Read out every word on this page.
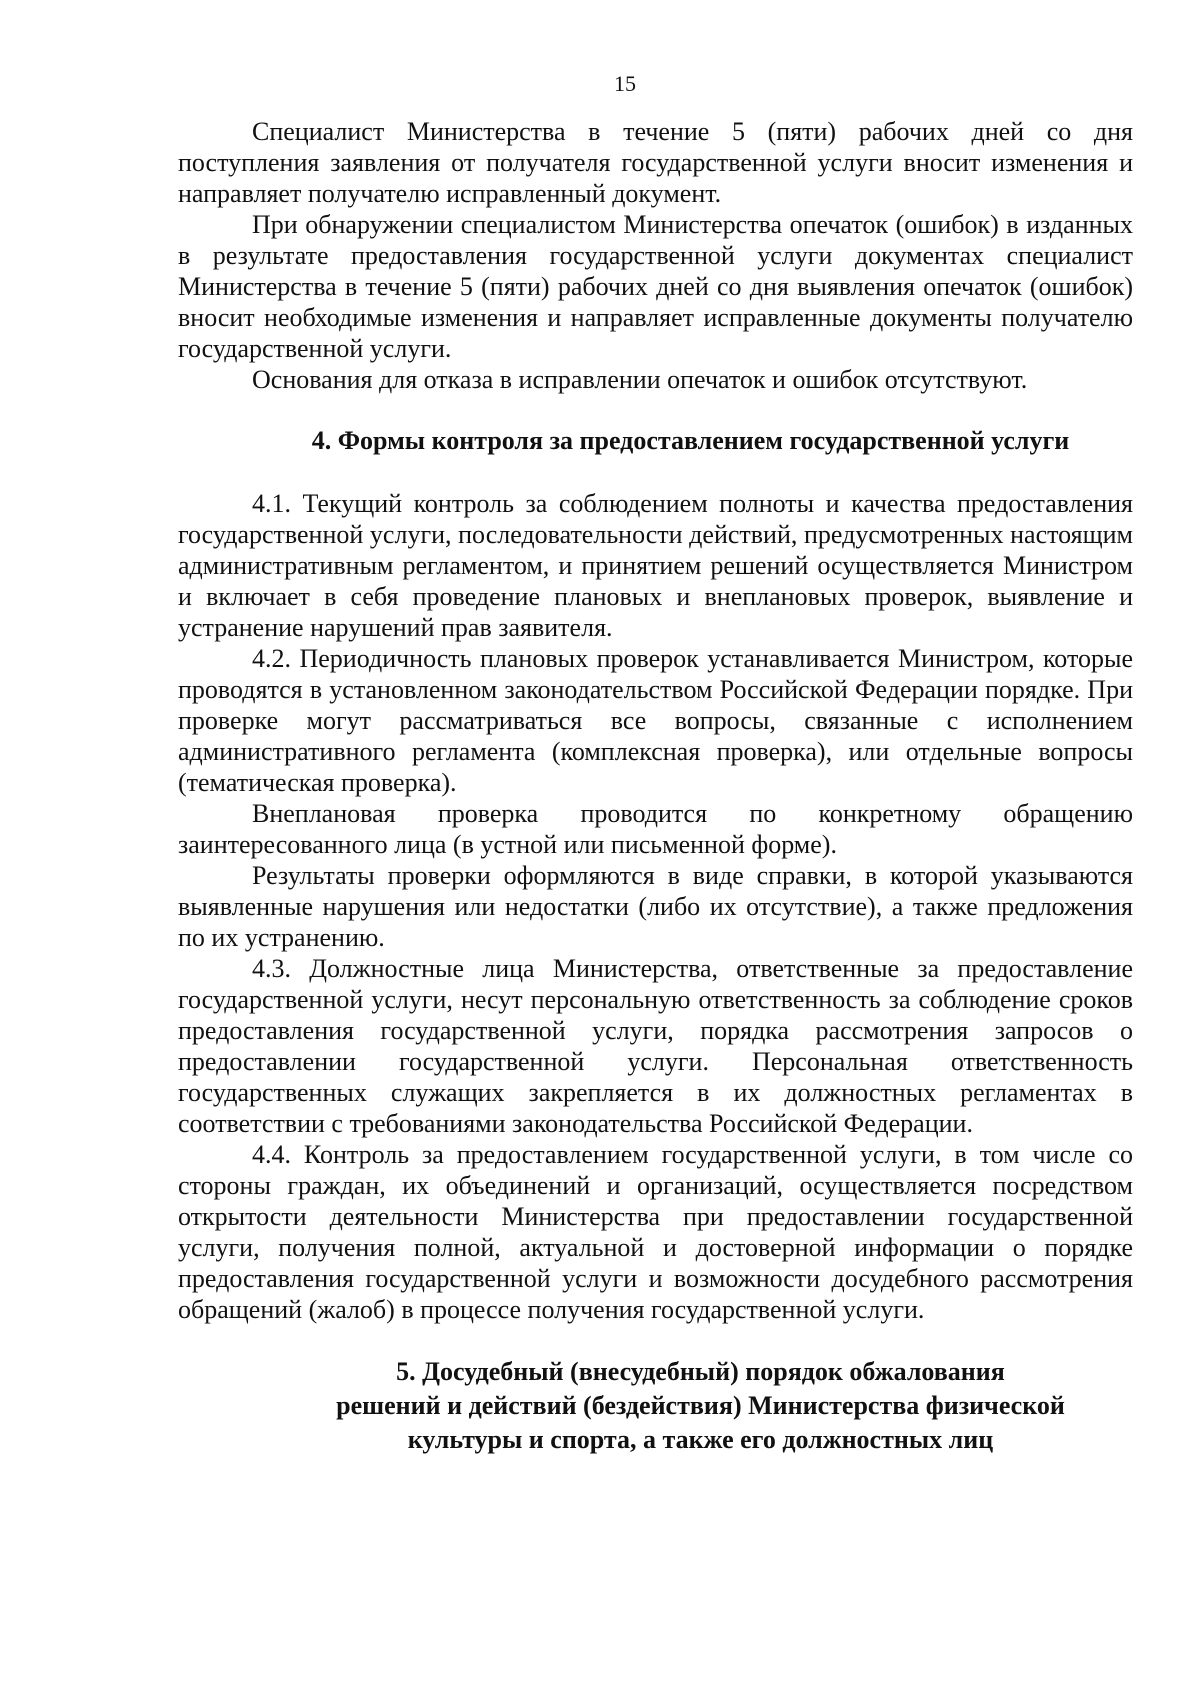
15

Специалист Министерства в течение 5 (пяти) рабочих дней со дня поступления заявления от получателя государственной услуги вносит изменения и направляет получателю исправленный документ.

При обнаружении специалистом Министерства опечаток (ошибок) в изданных в результате предоставления государственной услуги документах специалист Министерства в течение 5 (пяти) рабочих дней со дня выявления опечаток (ошибок) вносит необходимые изменения и направляет исправленные документы получателю государственной услуги.

Основания для отказа в исправлении опечаток и ошибок отсутствуют.

4. Формы контроля за предоставлением государственной услуги

4.1. Текущий контроль за соблюдением полноты и качества предоставления государственной услуги, последовательности действий, предусмотренных настоящим административным регламентом, и принятием решений осуществляется Министром и включает в себя проведение плановых и внеплановых проверок, выявление и устранение нарушений прав заявителя.

4.2. Периодичность плановых проверок устанавливается Министром, которые проводятся в установленном законодательством Российской Федерации порядке. При проверке могут рассматриваться все вопросы, связанные с исполнением административного регламента (комплексная проверка), или отдельные вопросы (тематическая проверка).

Внеплановая проверка проводится по конкретному обращению заинтересованного лица (в устной или письменной форме).

Результаты проверки оформляются в виде справки, в которой указываются выявленные нарушения или недостатки (либо их отсутствие), а также предложения по их устранению.

4.3. Должностные лица Министерства, ответственные за предоставление государственной услуги, несут персональную ответственность за соблюдение сроков предоставления государственной услуги, порядка рассмотрения запросов о предоставлении государственной услуги. Персональная ответственность государственных служащих закрепляется в их должностных регламентах в соответствии с требованиями законодательства Российской Федерации.

4.4. Контроль за предоставлением государственной услуги, в том числе со стороны граждан, их объединений и организаций, осуществляется посредством открытости деятельности Министерства при предоставлении государственной услуги, получения полной, актуальной и достоверной информации о порядке предоставления государственной услуги и возможности досудебного рассмотрения обращений (жалоб) в процессе получения государственной услуги.

5. Досудебный (внесудебный) порядок обжалования
решений и действий (бездействия) Министерства физической
культуры и спорта, а также его должностных лиц
